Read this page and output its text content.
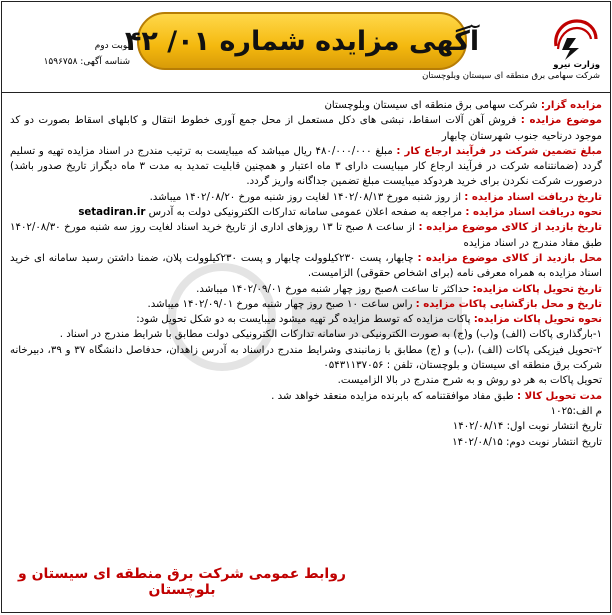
نوبت دوم
شناسه آگهی: ۱۵۹۶۷۵۸
آگهی مزایده شماره ۰۱/ ۴۲
وزارت نیرو
شرکت سهامی برق منطقه ای سیستان وبلوچستان

مزایده گزار: شرکت سهامی برق منطقه ای سیستان وبلوچستان

موضوع مزایده : فروش آهن آلات اسقاط، نبشی های دکل مستعمل از محل جمع آوری خطوط انتقال و کابلهای اسقاط بصورت دو کد موجود درناحیه جنوب شهرستان چابهار

مبلغ تضمین شرکت در فرآیند ارجاع کار : مبلغ ۴۸۰/۰۰۰/۰۰۰ ریال میباشد که میبایست به ترتیب مندرج در اسناد مزایده تهیه و تسلیم گردد (ضمانتنامه شرکت در فرآیند ارجاع کار میبایست دارای ۳ ماه اعتبار و همچنین قابلیت تمدید به مدت ۳ ماه دیگراز تاریخ صدور باشد) درصورت شرکت نکردن برای خرید هردوکد میبایست مبلغ تضمین جداگانه واریز گردد.

تاریخ دریافت اسناد مزایده : از روز شنبه مورخ ۱۴۰۲/۰۸/۱۳ لغایت روز شنبه مورخ ۱۴۰۲/۰۸/۲۰ میباشد.

نحوه دریافت اسناد مزایده : مراجعه به صفحه اعلان عمومی سامانه تدارکات الکترونیکی دولت به آدرس setadiran.ir

تاریخ بازدید از کالای موضوع مزایده : از ساعت ۸ صبح تا ۱۳ روزهای اداری از تاریخ خرید اسناد لغایت روز سه شنبه مورخ ۱۴۰۲/۰۸/۳۰ طبق مفاد مندرج در اسناد مزایده

محل بازدید از کالای موضوع مزایده : چابهار، پست ۲۳۰کیلوولت چابهار و پست ۲۳۰کیلوولت پلان، ضمنا داشتن رسید سامانه ای خرید اسناد مزایده به همراه معرفی نامه (برای اشخاص حقوقی) الزامیست.

تاریخ تحویل پاکات مزایده: حداکثر تا ساعت ۸صبح روز چهار شنبه مورخ ۱۴۰۲/۰۹/۰۱ میباشد.

تاریخ و محل بازگشایی پاکات مزایده : راس ساعت ۱۰ صبح روز چهار شنبه مورخ ۱۴۰۲/۰۹/۰۱ میباشد.

نحوه تحویل پاکات مزایده: پاکات مزایده که توسط مزایده گر تهیه میشود میبایست به دو شکل تحویل شود:

۱-بارگذاری پاکات (الف) و(ب) و(ج) به صورت الکترونیکی در سامانه تدارکات الکترونیکی دولت مطابق با شرایط مندرج در اسناد .

۲-تحویل فیزیکی پاکات (الف) ،(ب) و (ج) مطابق با زمانبندی وشرایط مندرج دراسناد به آدرس زاهدان، حدفاصل دانشگاه ۳۷ و ۳۹، دبیرخانه شرکت برق منطقه ای سیستان و بلوچستان، تلفن : ۰۵۴۳۱۱۳۷۰۵۶

تحویل پاکات به هر دو روش و به شرح مندرج در بالا الزامیست.

مدت تحویل کالا : طبق مفاد موافقتنامه که بابرنده مزایده منعقد خواهد شد .

م الف:۱۰۲۵

تاریخ انتشار نوبت اول: ۱۴۰۲/۰۸/۱۴

تاریخ انتشار نوبت دوم: ۱۴۰۲/۰۸/۱۵

روابط عمومی شرکت برق منطقه ای سیستان و بلوچستان
